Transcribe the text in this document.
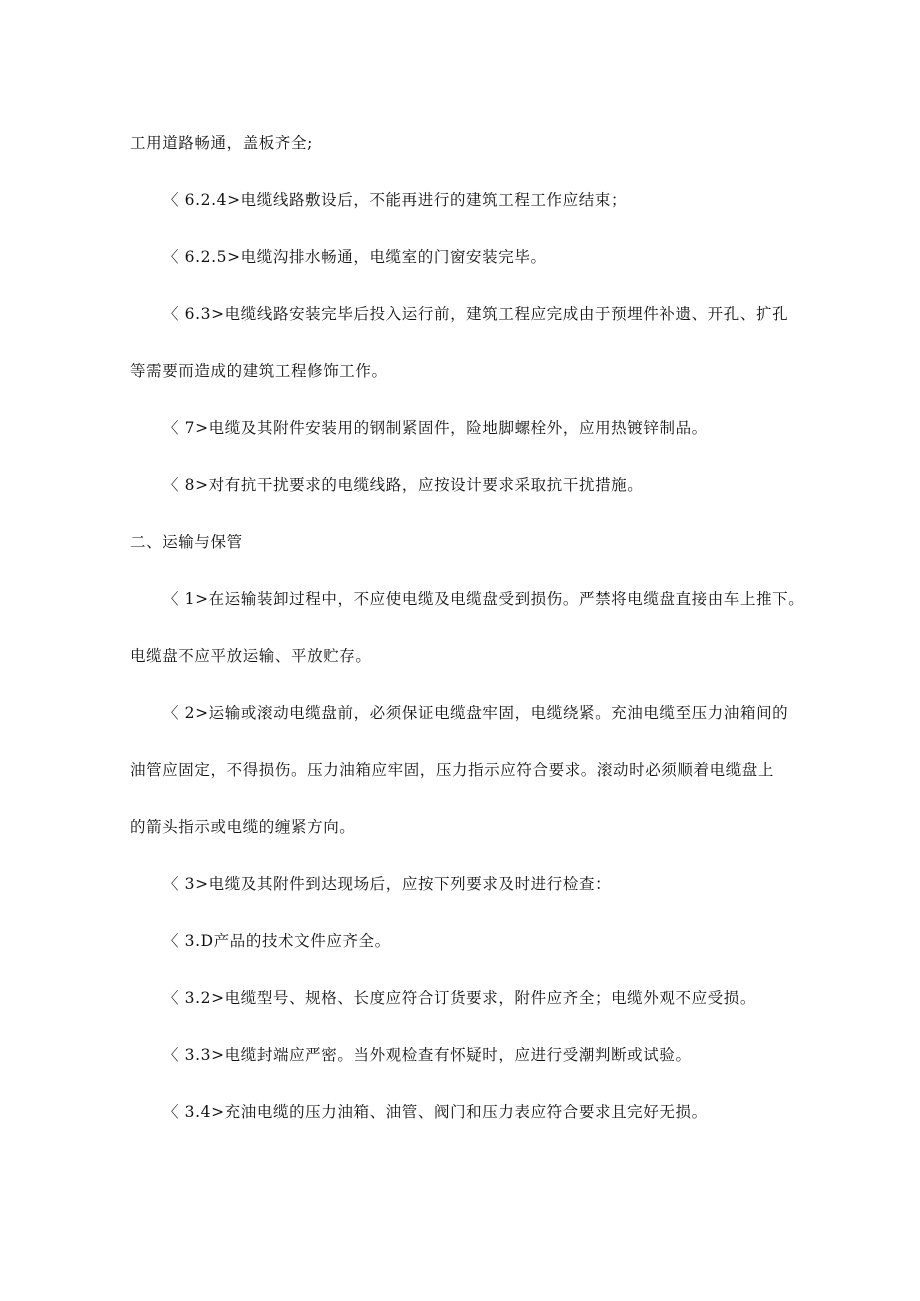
工用道路畅通，盖板齐全;
〈 6.2.4>电缆线路敷设后，不能再进行的建筑工程工作应结束；
〈 6.2.5>电缆沟排水畅通，电缆室的门窗安装完毕。
〈 6.3>电缆线路安装完毕后投入运行前，建筑工程应完成由于预埋件补遗、开孔、扩孔
等需要而造成的建筑工程修饰工作。
〈 7>电缆及其附件安装用的钢制紧固件，险地脚螺栓外，应用热镀锌制品。
〈 8>对有抗干扰要求的电缆线路，应按设计要求采取抗干扰措施。
二、运输与保管
〈 1>在运输装卸过程中，不应使电缆及电缆盘受到损伤。严禁将电缆盘直接由车上推下。
电缆盘不应平放运输、平放贮存。
〈 2>运输或滚动电缆盘前，必须保证电缆盘牢固，电缆绕紧。充油电缆至压力油箱间的
油管应固定，不得损伤。压力油箱应牢固，压力指示应符合要求。滚动时必须顺着电缆盘上
的箭头指示或电缆的缠紧方向。
〈 3>电缆及其附件到达现场后，应按下列要求及时进行检查：
〈 3.D产品的技术文件应齐全。
〈 3.2>电缆型号、规格、长度应符合订货要求，附件应齐全；电缆外观不应受损。
〈 3.3>电缆封端应严密。当外观检查有怀疑时，应进行受潮判断或试验。
〈 3.4>充油电缆的压力油箱、油管、阀门和压力表应符合要求且完好无损。
